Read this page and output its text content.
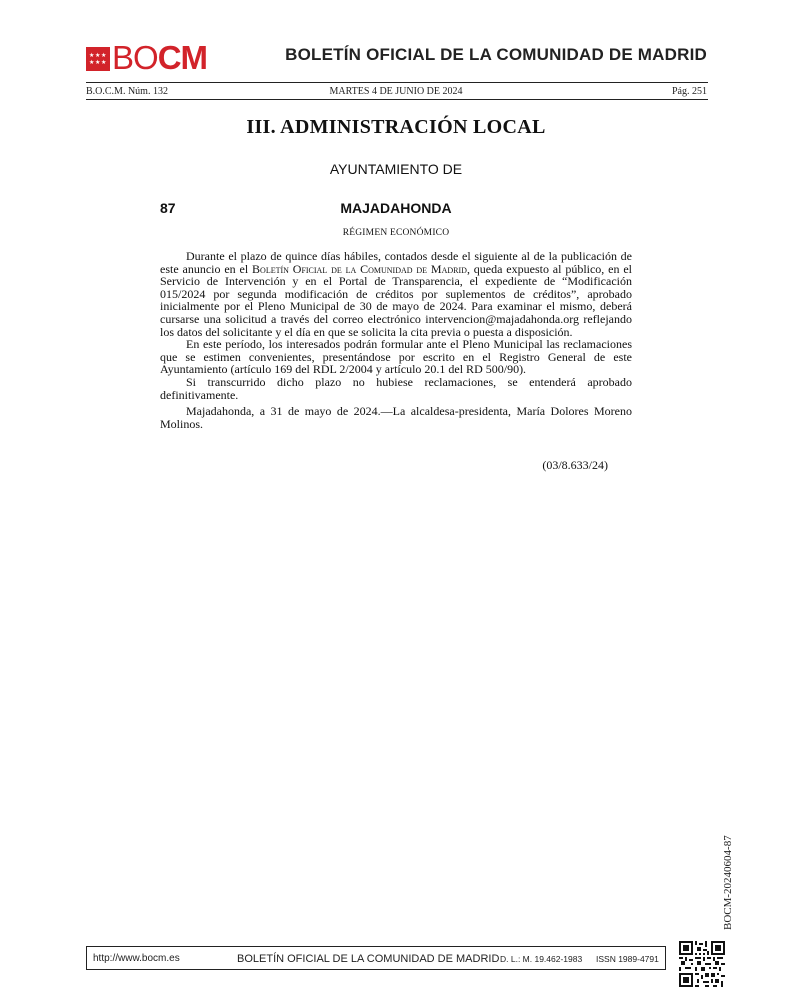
★ ★ ★
★ ★ ★ BOCM	BOLETÍN OFICIAL DE LA COMUNIDAD DE MADRID
B.O.C.M. Núm. 132	MARTES 4 DE JUNIO DE 2024	Pág. 251
III. ADMINISTRACIÓN LOCAL
AYUNTAMIENTO DE
87	MAJADAHONDA
RÉGIMEN ECONÓMICO

Durante el plazo de quince días hábiles, contados desde el siguiente al de la publicación de este anuncio en el Boletín Oficial de la Comunidad de Madrid, queda expuesto al público, en el Servicio de Intervención y en el Portal de Transparencia, el expediente de “Modificación 015/2024 por segunda modificación de créditos por suplementos de créditos”, aprobado inicialmente por el Pleno Municipal de 30 de mayo de 2024. Para examinar el mismo, deberá cursarse una solicitud a través del correo electrónico intervencion@majadahonda.org reflejando los datos del solicitante y el día en que se solicita la cita previa o puesta a disposición.

En este período, los interesados podrán formular ante el Pleno Municipal las reclamaciones que se estimen convenientes, presentándose por escrito en el Registro General de este Ayuntamiento (artículo 169 del RDL 2/2004 y artículo 20.1 del RD 500/90).

Si transcurrido dicho plazo no hubiese reclamaciones, se entenderá aprobado definitivamente.

Majadahonda, a 31 de mayo de 2024.—La alcaldesa-presidenta, María Dolores Moreno Molinos.

(03/8.633/24)
BOCM-20240604-87
http://www.bocm.es	BOLETÍN OFICIAL DE LA COMUNIDAD DE MADRID D. L.: M. 19.462-1983 ISSN 1989-4791
